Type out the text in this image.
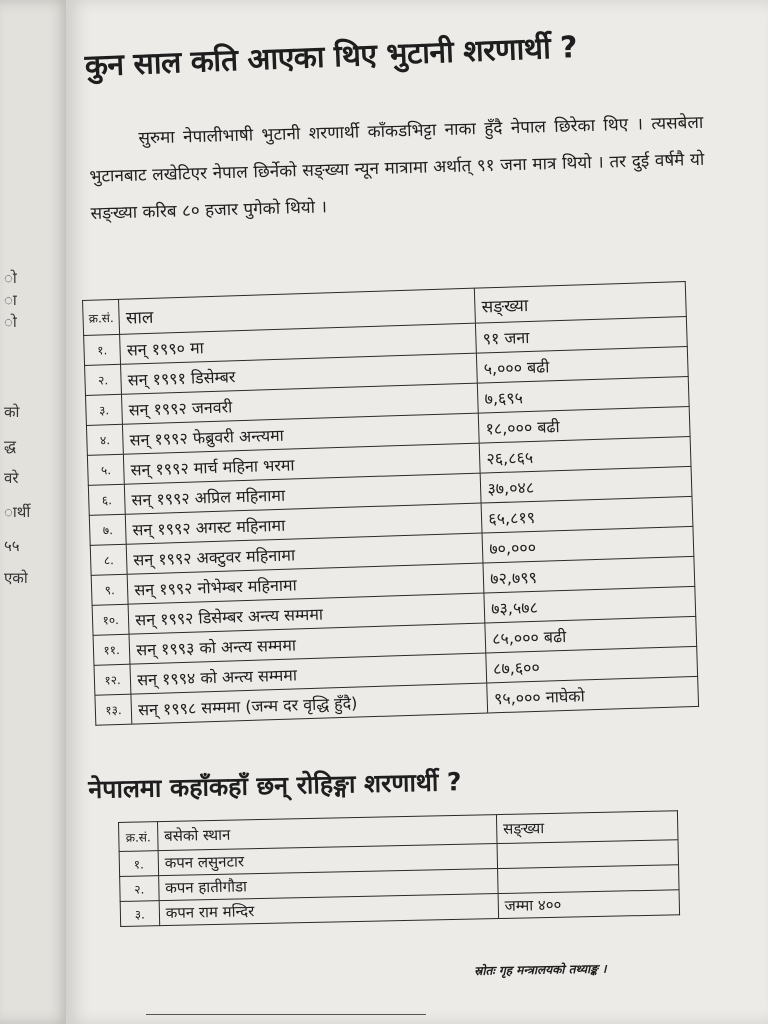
ो
ा
ो
को
द्ध
वरे
ार्थी
५५
एको
कुन साल कति आएका थिए भुटानी शरणार्थी ?

सुरुमा नेपालीभाषी भुटानी शरणार्थी काँकडभिट्टा नाका हुँदै नेपाल छिरेका थिए । त्यसबेला भुटानबाट लखेटिएर नेपाल छिर्नेको सङ्ख्या न्यून मात्रामा अर्थात् ९१ जना मात्र थियो । तर दुई वर्षमै यो सङ्ख्या करिब ८० हजार पुगेको थियो ।

क्र.सं.	साल	सङ्ख्या
१.	सन् १९९० मा	९१ जना
२.	सन् १९९१ डिसेम्बर	५,००० बढी
३.	सन् १९९२ जनवरी	७,६९५
४.	सन् १९९२ फेब्रुवरी अन्त्यमा	१८,००० बढी
५.	सन् १९९२ मार्च महिना भरमा	२६,८६५
६.	सन् १९९२ अप्रिल महिनामा	३७,०४८
७.	सन् १९९२ अगस्ट महिनामा	६५,८१९
८.	सन् १९९२ अक्टुवर महिनामा	७०,०००
९.	सन् १९९२ नोभेम्बर महिनामा	७२,७९९
१०.	सन् १९९२ डिसेम्बर अन्त्य सम्ममा	७३,५७८
११.	सन् १९९३ को अन्त्य सम्ममा	८५,००० बढी
१२.	सन् १९९४ को अन्त्य सम्ममा	८७,६००
१३.	सन् १९९८ सम्ममा (जन्म दर वृद्धि हुँदै)	९५,००० नाघेको
नेपालमा कहाँकहाँ छन् रोहिङ्गा शरणार्थी ?
क्र.सं.	बसेको स्थान	सङ्ख्या
१.	कपन लसुनटार	
२.	कपन हातीगौडा	
३.	कपन राम मन्दिर	जम्मा ४००
स्रोतः गृह मन्त्रालयको तथ्याङ्क ।
